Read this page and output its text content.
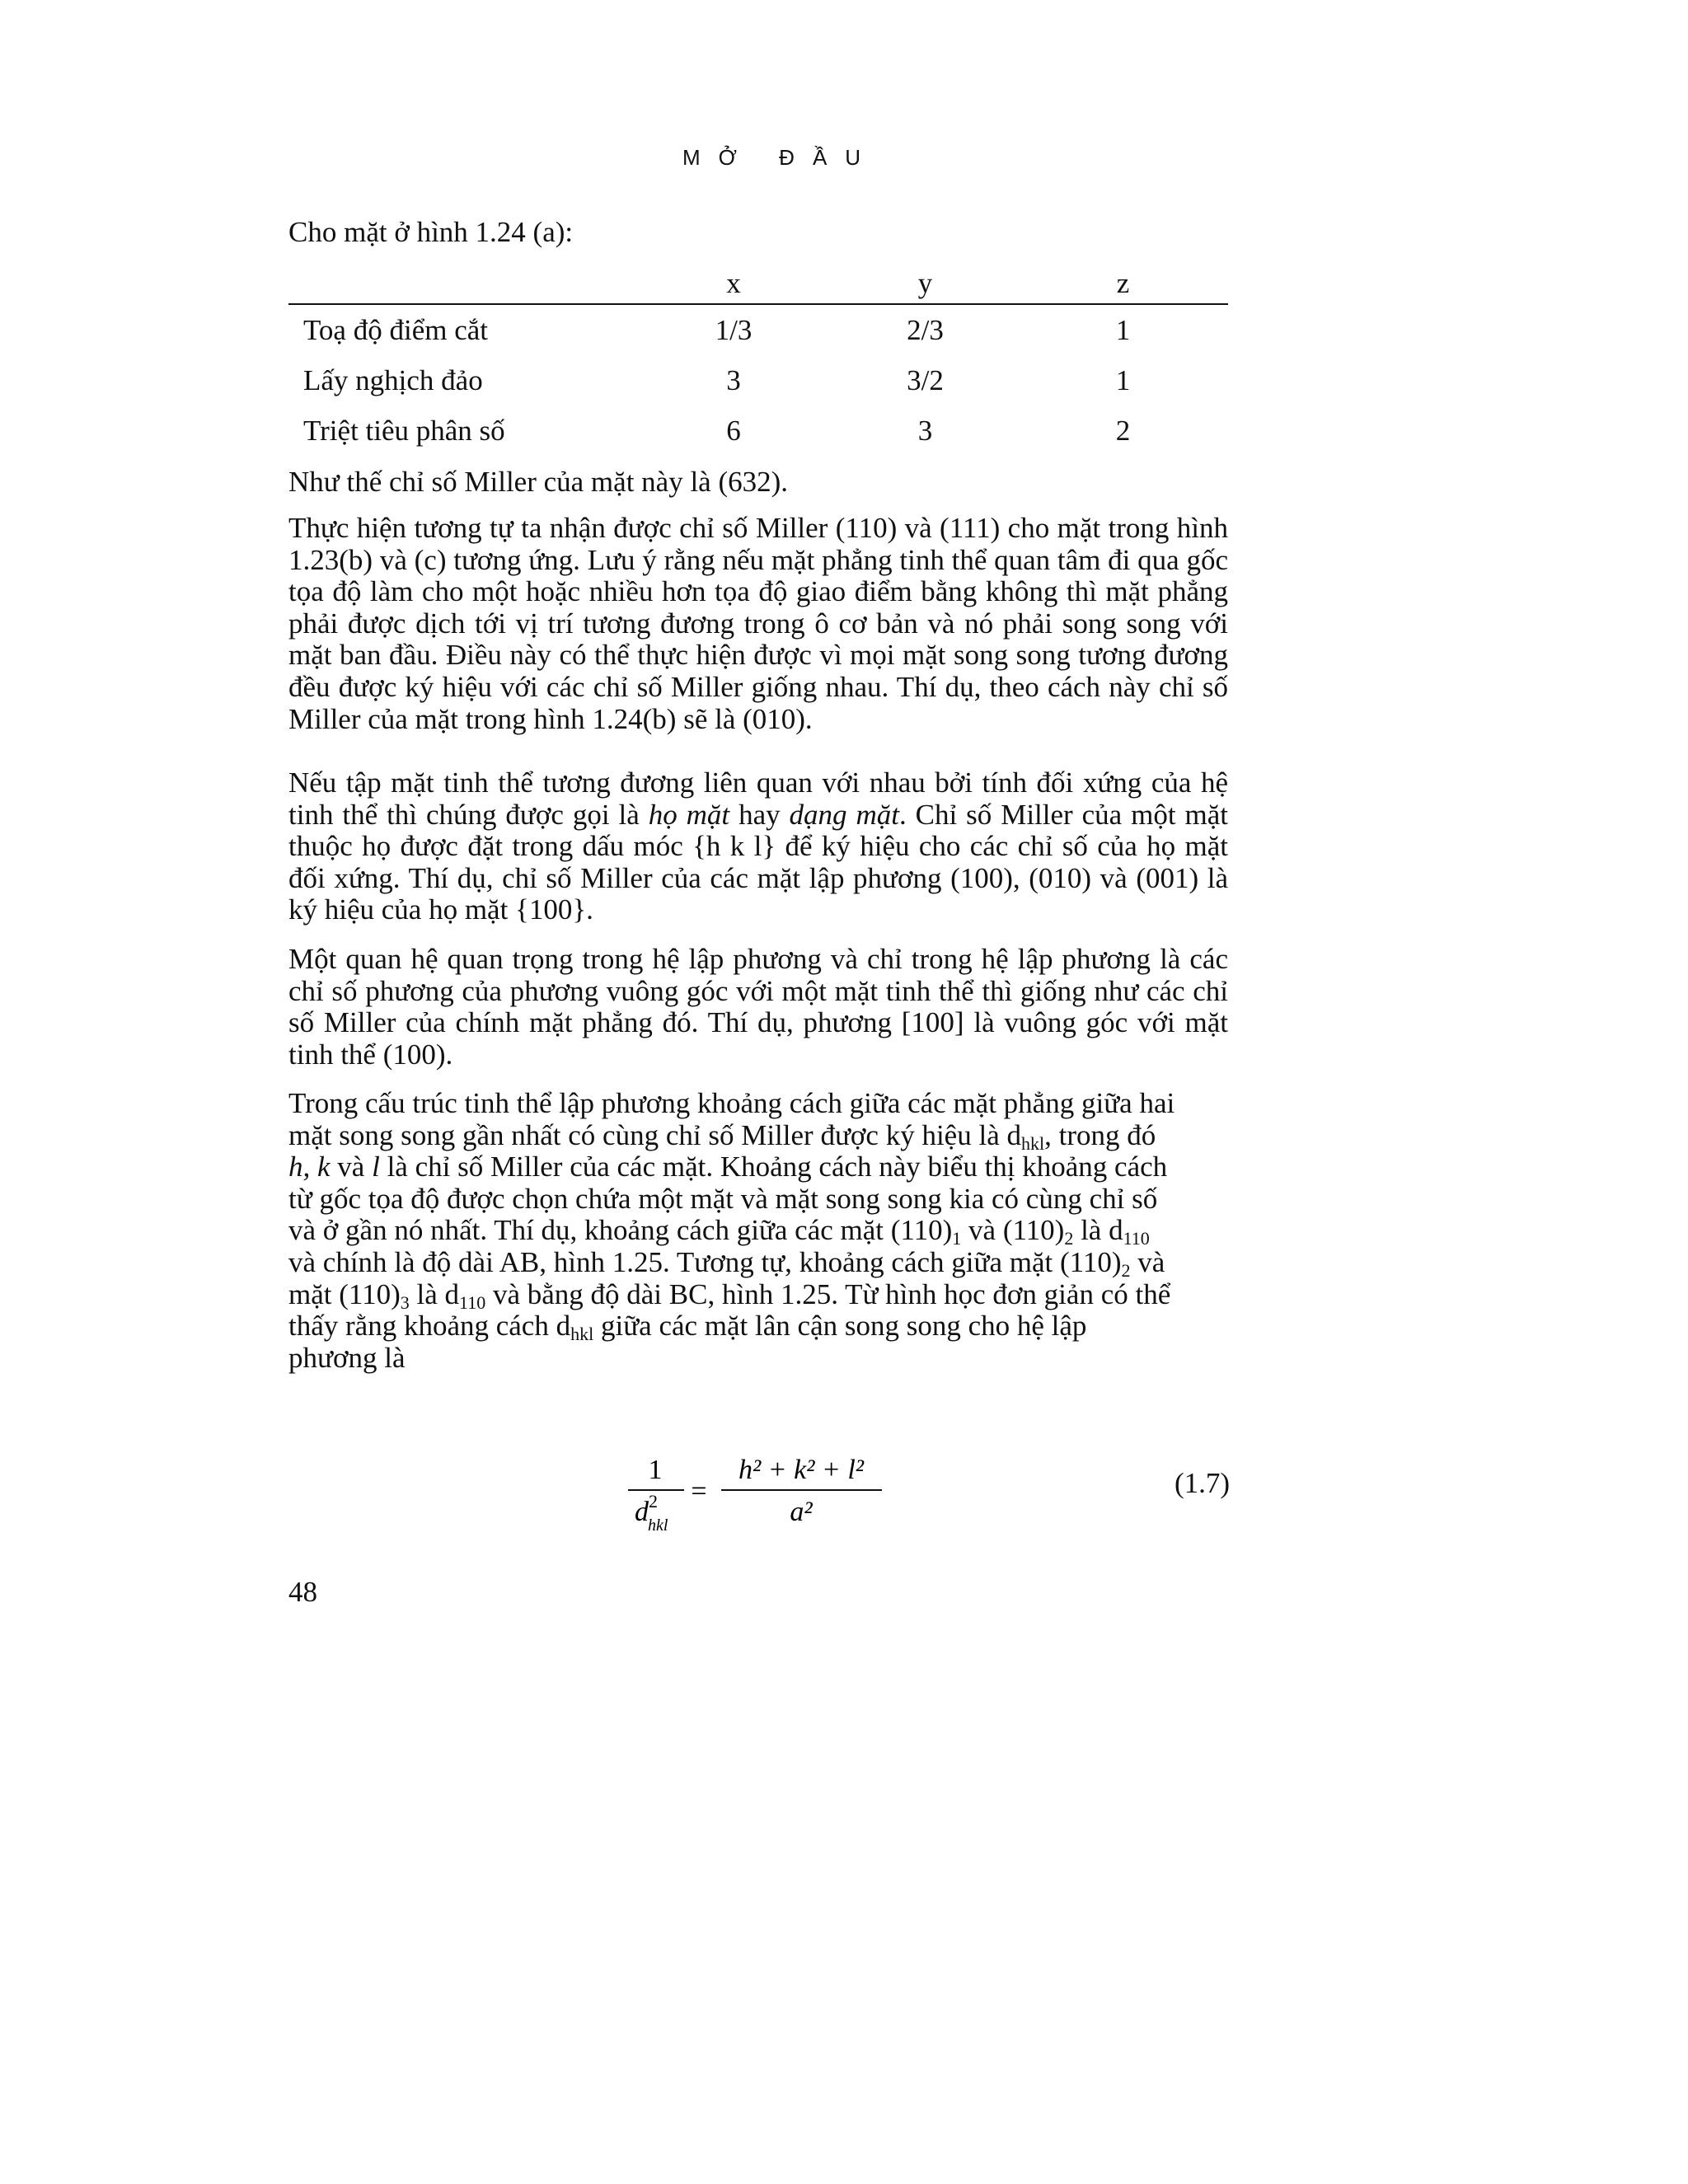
MỞ ĐẦU
Cho mặt ở hình 1.24 (a):
	x	y	z
Toạ độ điểm cắt	1/3	2/3	1
Lấy nghịch đảo	3	3/2	1
Triệt tiêu phân số	6	3	2
Như thế chỉ số Miller của mặt này là (632).
Thực hiện tương tự ta nhận được chỉ số Miller (110) và (111) cho mặt trong hình 1.23(b) và (c) tương ứng. Lưu ý rằng nếu mặt phẳng tinh thể quan tâm đi qua gốc tọa độ làm cho một hoặc nhiều hơn tọa độ giao điểm bằng không thì mặt phẳng phải được dịch tới vị trí tương đương trong ô cơ bản và nó phải song song với mặt ban đầu. Điều này có thể thực hiện được vì mọi mặt song song tương đương đều được ký hiệu với các chỉ số Miller giống nhau. Thí dụ, theo cách này chỉ số Miller của mặt trong hình 1.24(b) sẽ là (010).
Nếu tập mặt tinh thể tương đương liên quan với nhau bởi tính đối xứng của hệ tinh thể thì chúng được gọi là họ mặt hay dạng mặt. Chỉ số Miller của một mặt thuộc họ được đặt trong dấu móc {h k l} để ký hiệu cho các chỉ số của họ mặt đối xứng. Thí dụ, chỉ số Miller của các mặt lập phương (100), (010) và (001) là ký hiệu của họ mặt {100}.
Một quan hệ quan trọng trong hệ lập phương và chỉ trong hệ lập phương là các chỉ số phương của phương vuông góc với một mặt tinh thể thì giống như các chỉ số Miller của chính mặt phẳng đó. Thí dụ, phương [100] là vuông góc với mặt tinh thể (100).
Trong cấu trúc tinh thể lập phương khoảng cách giữa các mặt phẳng giữa hai
mặt song song gần nhất có cùng chỉ số Miller được ký hiệu là $d_{hkl}$, trong đó
h, k và l là chỉ số Miller của các mặt. Khoảng cách này biểu thị khoảng cách
từ gốc tọa độ được chọn chứa một mặt và mặt song song kia có cùng chỉ số
và ở gần nó nhất. Thí dụ, khoảng cách giữa các mặt $(110)_1$ và $(110)_2$ là $d_{110}$
và chính là độ dài AB, hình 1.25. Tương tự, khoảng cách giữa mặt $(110)_2$ và
mặt $(110)_3$ là $d_{110}$ và bằng độ dài BC, hình 1.25. Từ hình học đơn giản có thể
thấy rằng khoảng cách $d_{hkl}$ giữa các mặt lân cận song song cho hệ lập
phương là
1
$d^2$ hkl
=
h² + k² + l²
a²
(1.7)
48
